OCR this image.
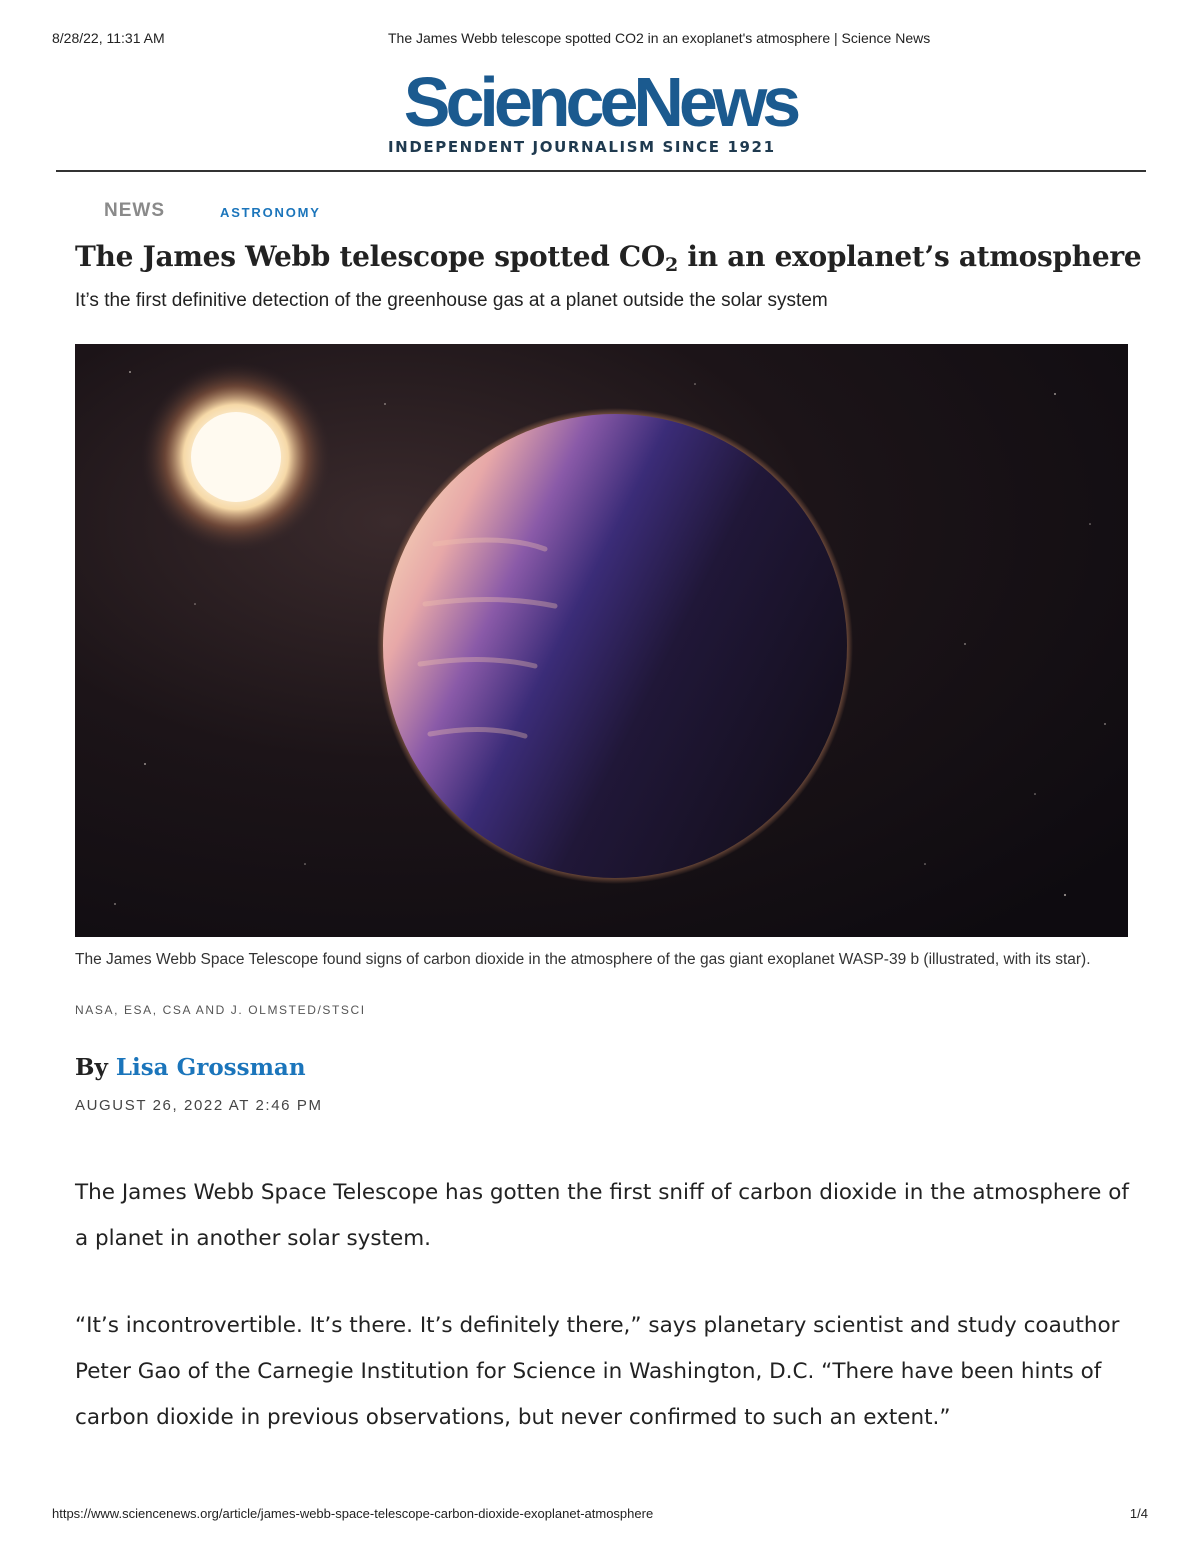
8/28/22, 11:31 AM	The James Webb telescope spotted CO2 in an exoplanet's atmosphere | Science News
ScienceNews
INDEPENDENT JOURNALISM SINCE 1921
NEWS	ASTRONOMY
The James Webb telescope spotted $CO_2$ in an exoplanet’s atmosphere
It’s the first definitive detection of the greenhouse gas at a planet outside the solar system
The James Webb Space Telescope found signs of carbon dioxide in the atmosphere of the gas giant exoplanet WASP-39 b (illustrated, with its star).
NASA, ESA, CSA AND J. OLMSTED/STSCI
By Lisa Grossman
AUGUST 26, 2022 AT 2:46 PM

The James Webb Space Telescope has gotten the first sniff of carbon dioxide in the atmosphere of a planet in another solar system.

“It’s incontrovertible. It’s there. It’s definitely there,” says planetary scientist and study coauthor Peter Gao of the Carnegie Institution for Science in Washington, D.C. “There have been hints of carbon dioxide in previous observations, but never confirmed to such an extent.”

https://www.sciencenews.org/article/james-webb-space-telescope-carbon-dioxide-exoplanet-atmosphere	1/4
